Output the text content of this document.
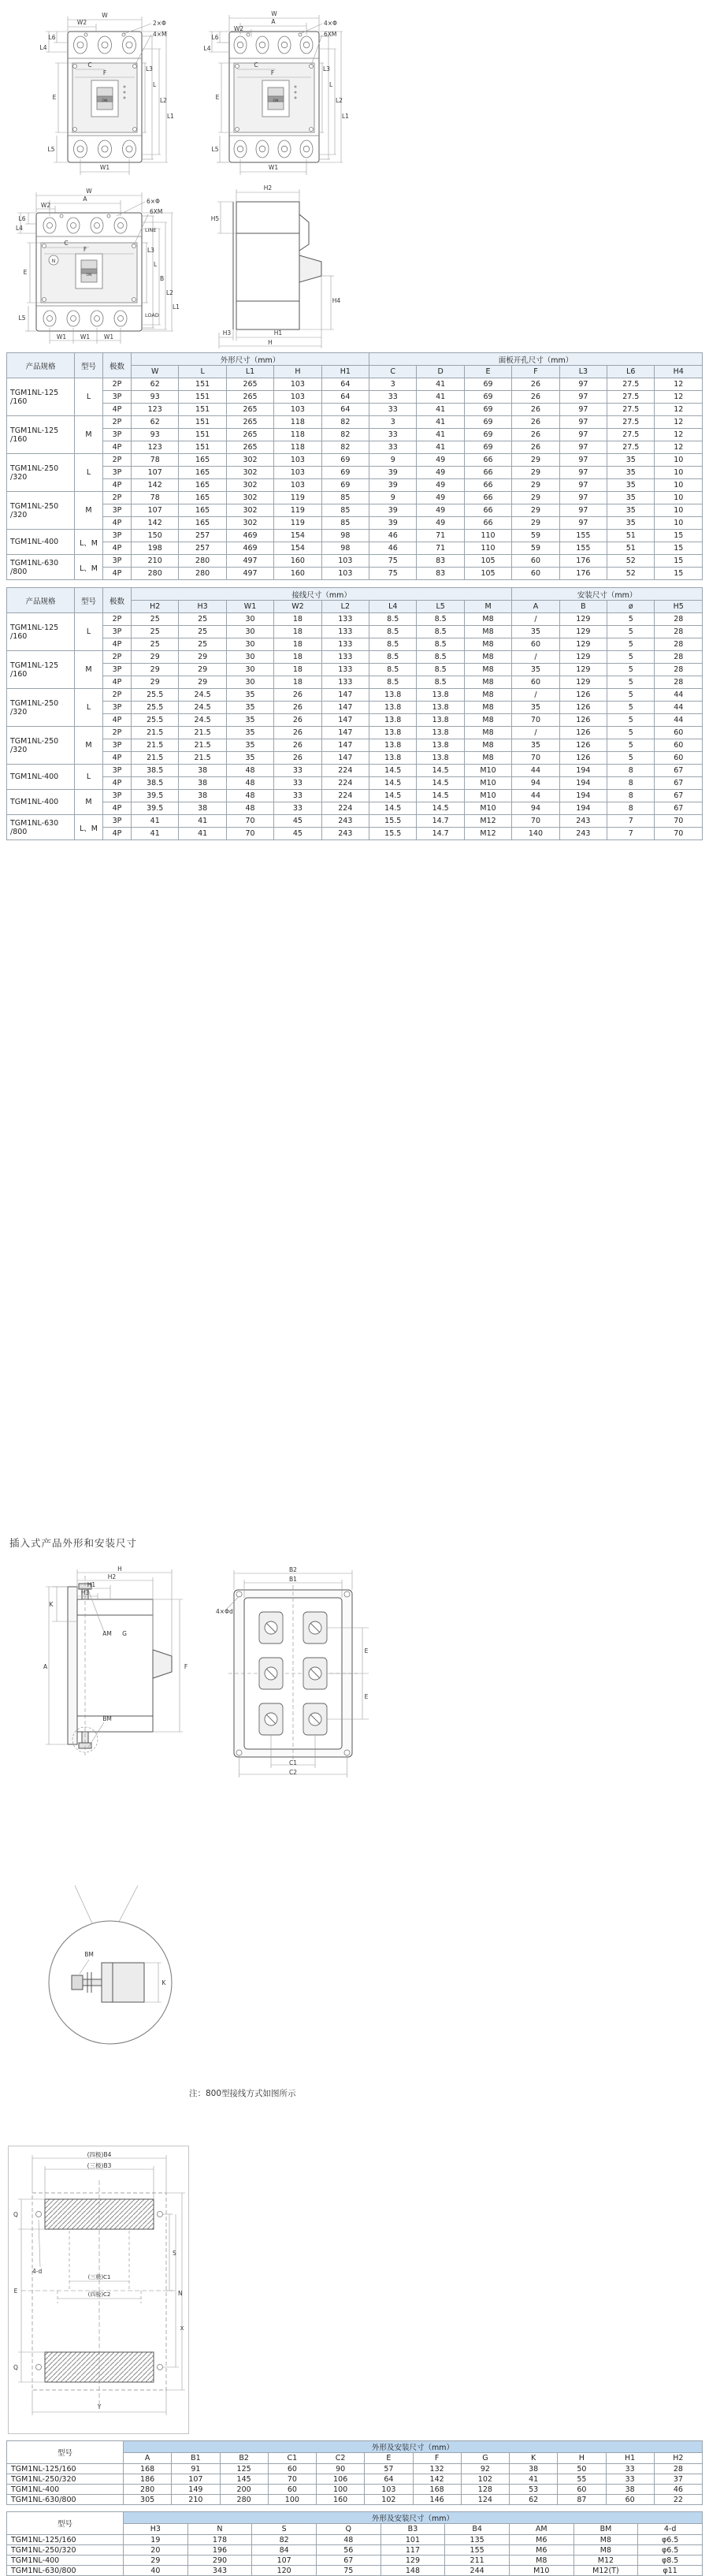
W
W2	2×Φ
4×M
L6
L4
C
F
E
ON
L5
W1
L3
L
L2
L1
W
A
W2
4×Φ
6XM
L6
L4
C
F
E
ON
L5
W1
L3
L
L2
L1
W
A
W2
6×Φ
6XM
LINE
L6
L4
N
ON
C
F
E
L5	LOAD
W1 W1 W1
L3
L
B
L2
L1
H2
H5
H4
H3	H1
H
产品规格	型号	极数	外形尺寸（mm）					面板开孔尺寸（mm）						
			W	L	L1	H	H1	C	D	E	F	L3	L6	H4

TGM1NL-125
/160	L	2P	62	151	265	103	64	3	41	69	26	97	27.5	12
		3P	93	151	265	103	64	33	41	69	26	97	27.5	12
		4P	123	151	265	103	64	33	41	69	26	97	27.5	12

TGM1NL-125
/160	M	2P	62	151	265	118	82	3	41	69	26	97	27.5	12
		3P	93	151	265	118	82	33	41	69	26	97	27.5	12
		4P	123	151	265	118	82	33	41	69	26	97	27.5	12

TGM1NL-250
/320	L	2P	78	165	302	103	69	9	49	66	29	97	35	10
		3P	107	165	302	103	69	39	49	66	29	97	35	10
		4P	142	165	302	103	69	39	49	66	29	97	35	10

TGM1NL-250
/320	M	2P	78	165	302	119	85	9	49	66	29	97	35	10
		3P	107	165	302	119	85	39	49	66	29	97	35	10
		4P	142	165	302	119	85	39	49	66	29	97	35	10

TGM1NL-400	L、M	3P	150	257	469	154	98	46	71	110	59	155	51	15
		4P	198	257	469	154	98	46	71	110	59	155	51	15

TGM1NL-630
/800	L、M	3P	210	280	497	160	103	75	83	105	60	176	52	15
		4P	280	280	497	160	103	75	83	105	60	176	52	15
产品规格	型号	极数	接线尺寸（mm）								安装尺寸（mm）			
			H2	H3	W1	W2	L2	L4	L5	M	A	B	ø	H5

TGM1NL-125
/160	L	2P	25	25	30	18	133	8.5	8.5	M8	/	129	5	28
		3P	25	25	30	18	133	8.5	8.5	M8	35	129	5	28
		4P	25	25	30	18	133	8.5	8.5	M8	60	129	5	28

TGM1NL-125
/160	M	2P	29	29	30	18	133	8.5	8.5	M8	/	129	5	28
		3P	29	29	30	18	133	8.5	8.5	M8	35	129	5	28
		4P	29	29	30	18	133	8.5	8.5	M8	60	129	5	28

TGM1NL-250
/320	L	2P	25.5	24.5	35	26	147	13.8	13.8	M8	/	126	5	44
		3P	25.5	24.5	35	26	147	13.8	13.8	M8	35	126	5	44
		4P	25.5	24.5	35	26	147	13.8	13.8	M8	70	126	5	44

TGM1NL-250
/320	M	2P	21.5	21.5	35	26	147	13.8	13.8	M8	/	126	5	60
		3P	21.5	21.5	35	26	147	13.8	13.8	M8	35	126	5	60
		4P	21.5	21.5	35	26	147	13.8	13.8	M8	70	126	5	60

TGM1NL-400	L	3P	38.5	38	48	33	224	14.5	14.5	M10	44	194	8	67
		4P	38.5	38	48	33	224	14.5	14.5	M10	94	194	8	67

TGM1NL-400	M	3P	39.5	38	48	33	224	14.5	14.5	M10	44	194	8	67
		4P	39.5	38	48	33	224	14.5	14.5	M10	94	194	8	67

TGM1NL-630
/800	L、M	3P	41	41	70	45	243	15.5	14.7	M12	70	243	7	70
		4P	41	41	70	45	243	15.5	14.7	M12	140	243	7	70
插入式产品外形和安装尺寸
H
H2
H1
H3
K
A
AM G
F
BM
B2
B1
4×Φd
E
E
C1
C2
BM
K
注：800型接线方式如图所示
(四极)B4
(三极)B3
Q
E
Q
4-d
(三极)C1
(四极)C2
S
N
X
Y
型号	外形及安装尺寸（mm）											
	A	B1	B2	C1	C2	E	F	G	K	H	H1	H2
TGM1NL-125/160	168	91	125	60	90	57	132	92	38	50	33	28
TGM1NL-250/320	186	107	145	70	106	64	142	102	41	55	33	37
TGM1NL-400	280	149	200	60	100	103	168	128	53	60	38	46
TGM1NL-630/800	305	210	280	100	160	102	146	124	62	87	60	22
型号	外形及安装尺寸（mm）								
	H3	N	S	Q	B3	B4	AM	BM	4-d
TGM1NL-125/160	19	178	82	48	101	135	M6	M8	φ6.5
TGM1NL-250/320	20	196	84	56	117	155	M6	M8	φ6.5
TGM1NL-400	29	290	107	67	129	211	M8	M12	φ8.5
TGM1NL-630/800	40	343	120	75	148	244	M10	M12(T)	φ11
